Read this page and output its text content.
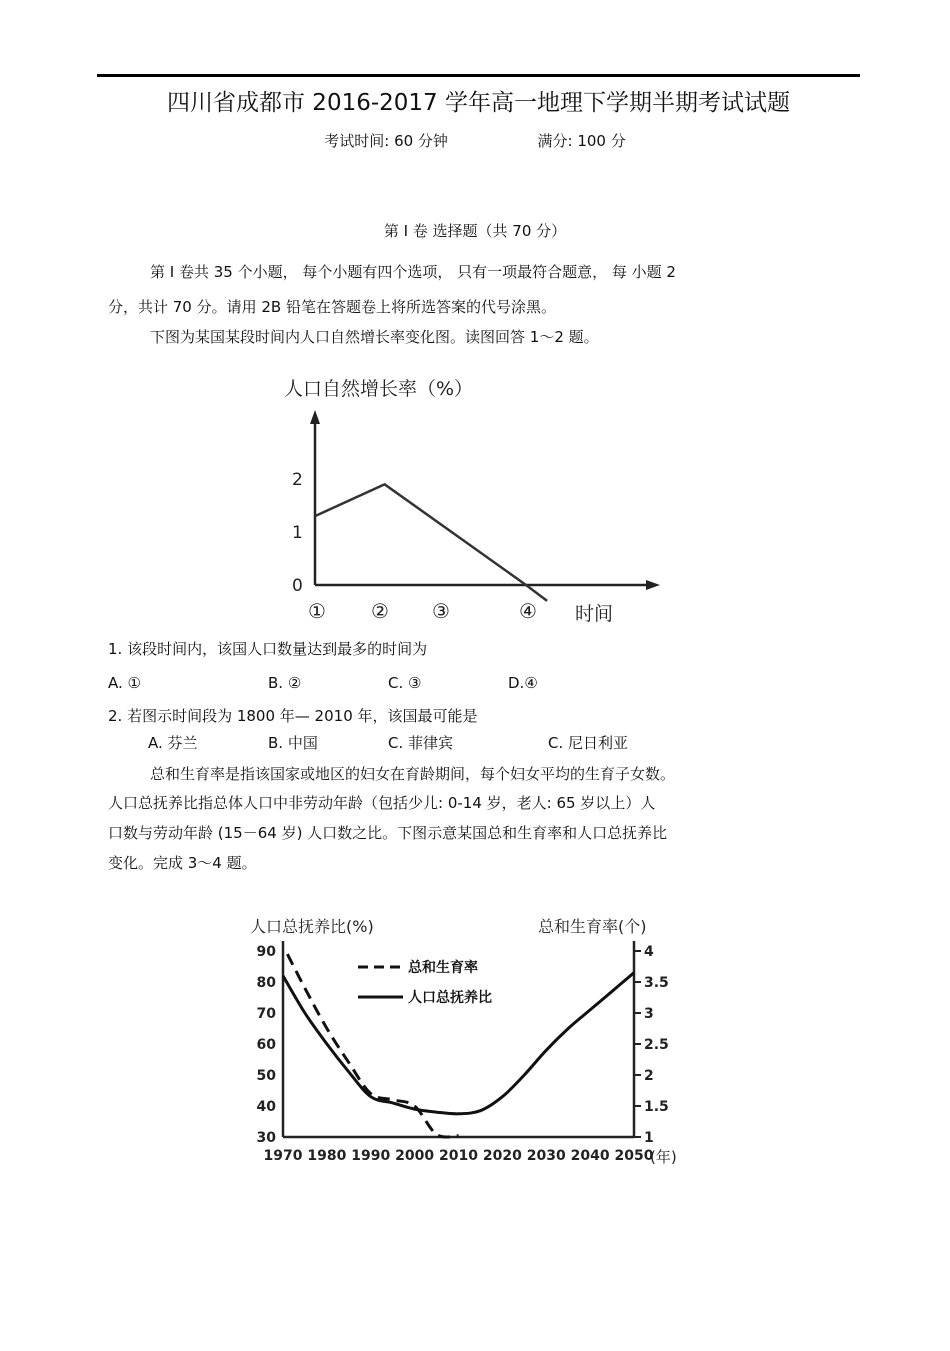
四川省成都市 2016-2017 学年高一地理下学期半期考试试题
考试时间: 60 分钟	满分: 100 分
第 I 卷 选择题（共 70 分）
第 I 卷共 35 个小题， 每个小题有四个选项， 只有一项最符合题意， 每 小题 2
分，共计 70 分。请用 2B 铅笔在答题卷上将所选答案的代号涂黑。
下图为某国某段时间内人口自然增长率变化图。读图回答 1～2 题。
人口自然增长率（%）
0
1
2
① ② ③	④ 时间
1. 该段时间内，该国人口数量达到最多的时间为
A. ①	B. ②	C. ③	D.④
2. 若图示时间段为 1800 年— 2010 年，该国最可能是
A. 芬兰	B. 中国	C. 菲律宾	C. 尼日利亚
总和生育率是指该国家或地区的妇女在育龄期间，每个妇女平均的生育子女数。
人口总抚养比指总体人口中非劳动年龄（包括少儿: 0-14 岁，老人: 65 岁以上）人
口数与劳动年龄 (15－64 岁) 人口数之比。下图示意某国总和生育率和人口总抚养比
变化。完成 3～4 题。
人口总抚养比(%)	总和生育率(个)
30
40
50
60
70
80
90
1
1.5
2
2.5
3
3.5
4
1970 1980 1990 2000 2010 2020 2030 2040 2050
总和生育率
人口总抚养比
(年)
